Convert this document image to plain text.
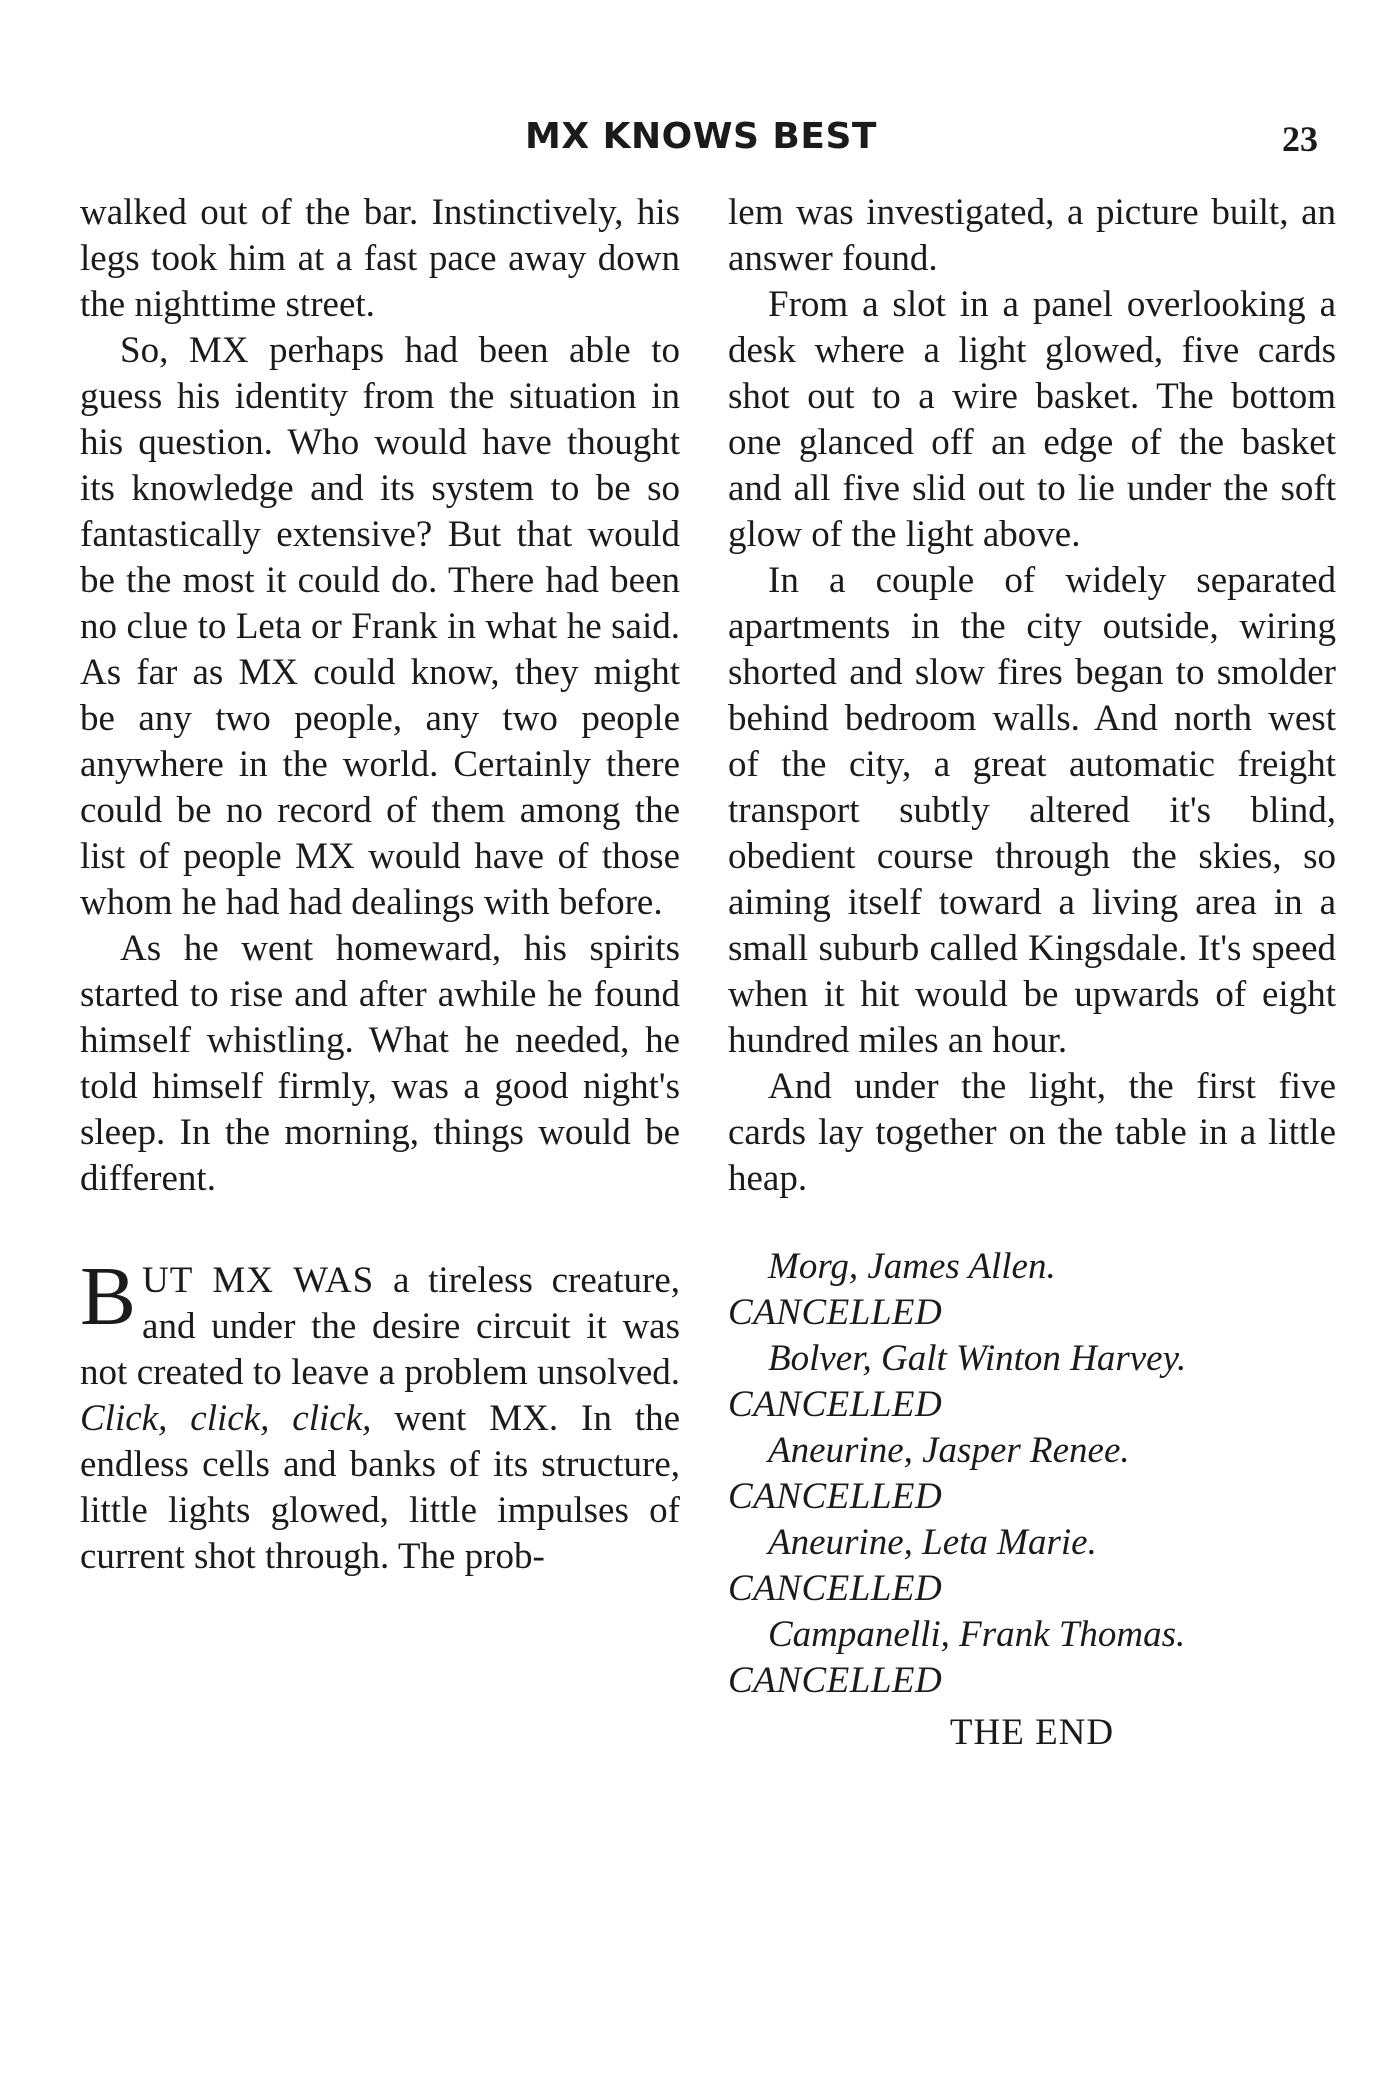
MX KNOWS BEST	23

walked out of the bar. Instinctively, his legs took him at a fast pace away down the nighttime street.

So, MX perhaps had been able to guess his identity from the situation in his question. Who would have thought its knowledge and its system to be so fantastically extensive? But that would be the most it could do. There had been no clue to Leta or Frank in what he said. As far as MX could know, they might be any two people, any two people anywhere in the world. Certainly there could be no record of them among the list of people MX would have of those whom he had had dealings with before.

As he went homeward, his spirits started to rise and after awhile he found himself whistling. What he needed, he told himself firmly, was a good night's sleep. In the morning, things would be different.

BUT MX WAS a tireless creature, and under the desire circuit it was not created to leave a problem unsolved. Click, click, click, went MX. In the endless cells and banks of its structure, little lights glowed, little impulses of current shot through. The prob-

lem was investigated, a picture built, an answer found.

From a slot in a panel overlooking a desk where a light glowed, five cards shot out to a wire basket. The bottom one glanced off an edge of the basket and all five slid out to lie under the soft glow of the light above.

In a couple of widely separated apartments in the city outside, wiring shorted and slow fires began to smolder behind bedroom walls. And north west of the city, a great automatic freight transport subtly altered it's blind, obedient course through the skies, so aiming itself toward a living area in a small suburb called Kingsdale. It's speed when it hit would be upwards of eight hundred miles an hour.

And under the light, the first five cards lay together on the table in a little heap.

Morg, James Allen.
CANCELLED
Bolver, Galt Winton Harvey.
CANCELLED
Aneurine, Jasper Renee.
CANCELLED
Aneurine, Leta Marie.
CANCELLED
Campanelli, Frank Thomas.
CANCELLED
THE END
